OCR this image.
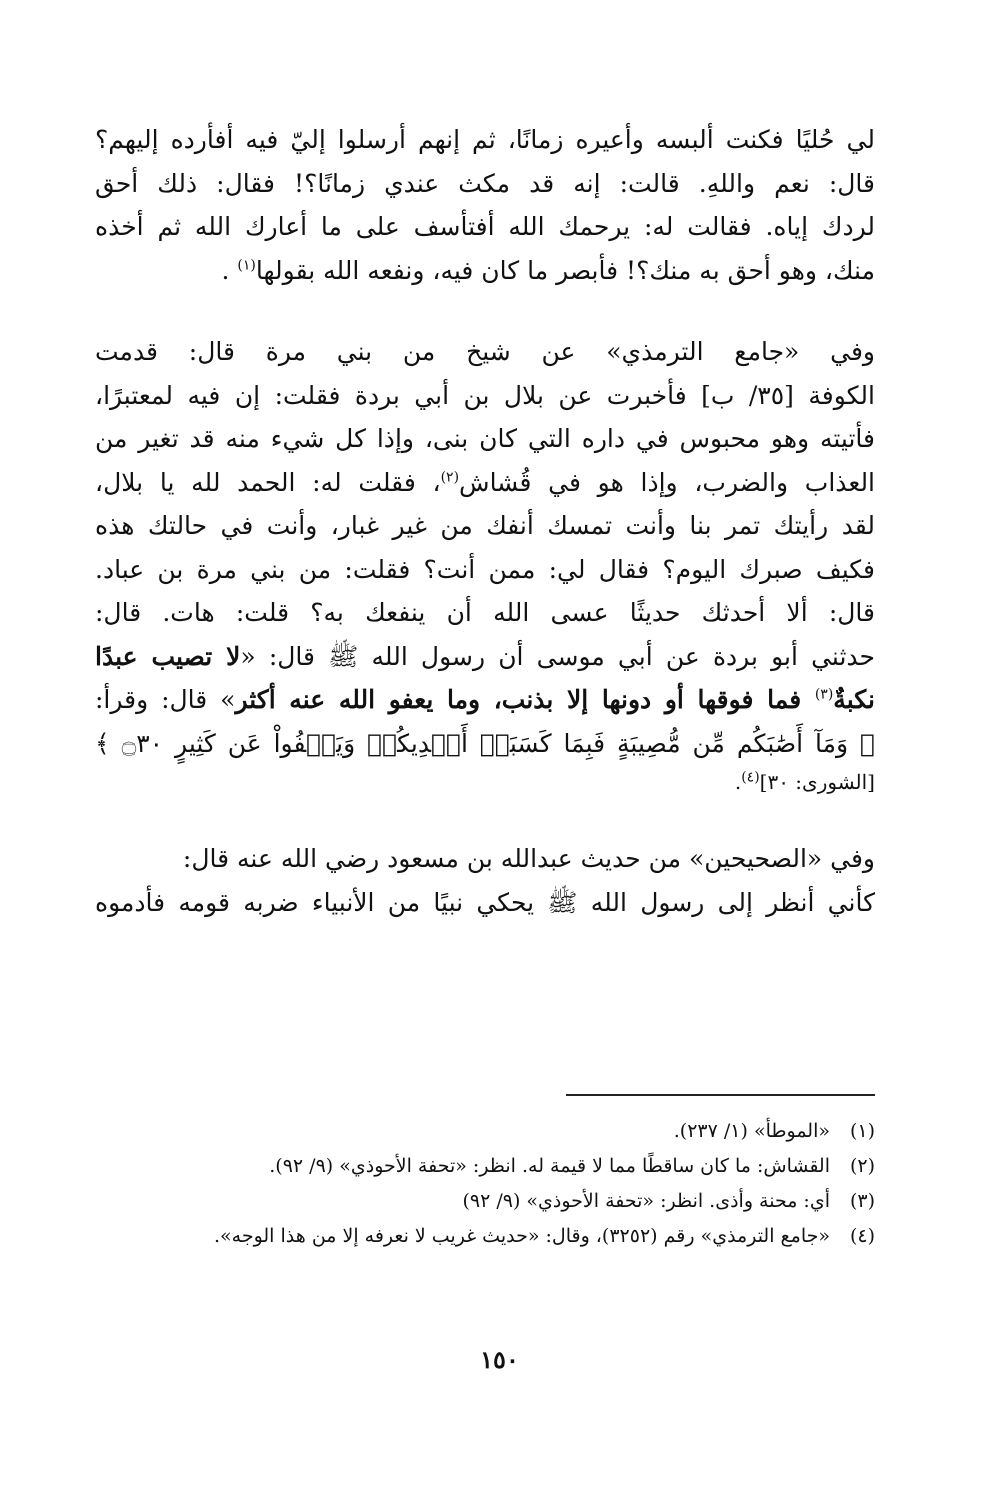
لي حُليًا فكنت ألبسه وأعيره زمانًا، ثم إنهم أرسلوا إليّ فيه أفأرده إليهم؟
قال: نعم واللهِ. قالت: إنه قد مكث عندي زمانًا؟! فقال: ذلك أحق
لردك إياه. فقالت له: يرحمك الله أفتأسف على ما أعارك الله ثم أخذه
منك، وهو أحق به منك؟! فأبصر ما كان فيه، ونفعه الله بقولها$^{(١)}$ .
وفي «جامع الترمذي» عن شيخ من بني مرة قال: قدمت
الكوفة [٣٥/ ب] فأخبرت عن بلال بن أبي بردة فقلت: إن فيه لمعتبرًا،
فأتيته وهو محبوس في داره التي كان بنى، وإذا كل شيء منه قد تغير من
العذاب والضرب، وإذا هو في قُشاش$^{(٢)}$، فقلت له: الحمد لله يا بلال،
لقد رأيتك تمر بنا وأنت تمسك أنفك من غير غبار، وأنت في حالتك هذه
فكيف صبرك اليوم؟ فقال لي: ممن أنت؟ فقلت: من بني مرة بن عباد.
قال: ألا أحدثك حديثًا عسى الله أن ينفعك به؟ قلت: هات. قال:
حدثني أبو بردة عن أبي موسى أن رسول الله ﷺ قال: «لا تصيب عبدًا
نكبةٌ$^{(٣)}$ فما فوقها أو دونها إلا بذنب، وما يعفو الله عنه أكثر» قال: وقرأ:
﴿ وَمَآ أَصَٰبَكُم مِّن مُّصِيبَةٍ فَبِمَا كَسَبَتۡ أَيۡدِيكُمۡ وَيَعۡفُواْ عَن كَثِيرٍ ۝٣٠ ﴾
[الشورى: ٣٠]$^{(٤)}$.
وفي «الصحيحين» من حديث عبدالله بن مسعود رضي الله عنه قال:
كأني أنظر إلى رسول الله ﷺ يحكي نبيًا من الأنبياء ضربه قومه فأدموه
(١)
«الموطأ» (١/ ٢٣٧).
(٢)
القشاش: ما كان ساقطًا مما لا قيمة له. انظر: «تحفة الأحوذي» (٩/ ٩٢).
(٣)
أي: محنة وأذى. انظر: «تحفة الأحوذي» (٩/ ٩٢)
(٤)
«جامع الترمذي» رقم (٣٢٥٢)، وقال: «حديث غريب لا نعرفه إلا من هذا الوجه».
١٥٠
